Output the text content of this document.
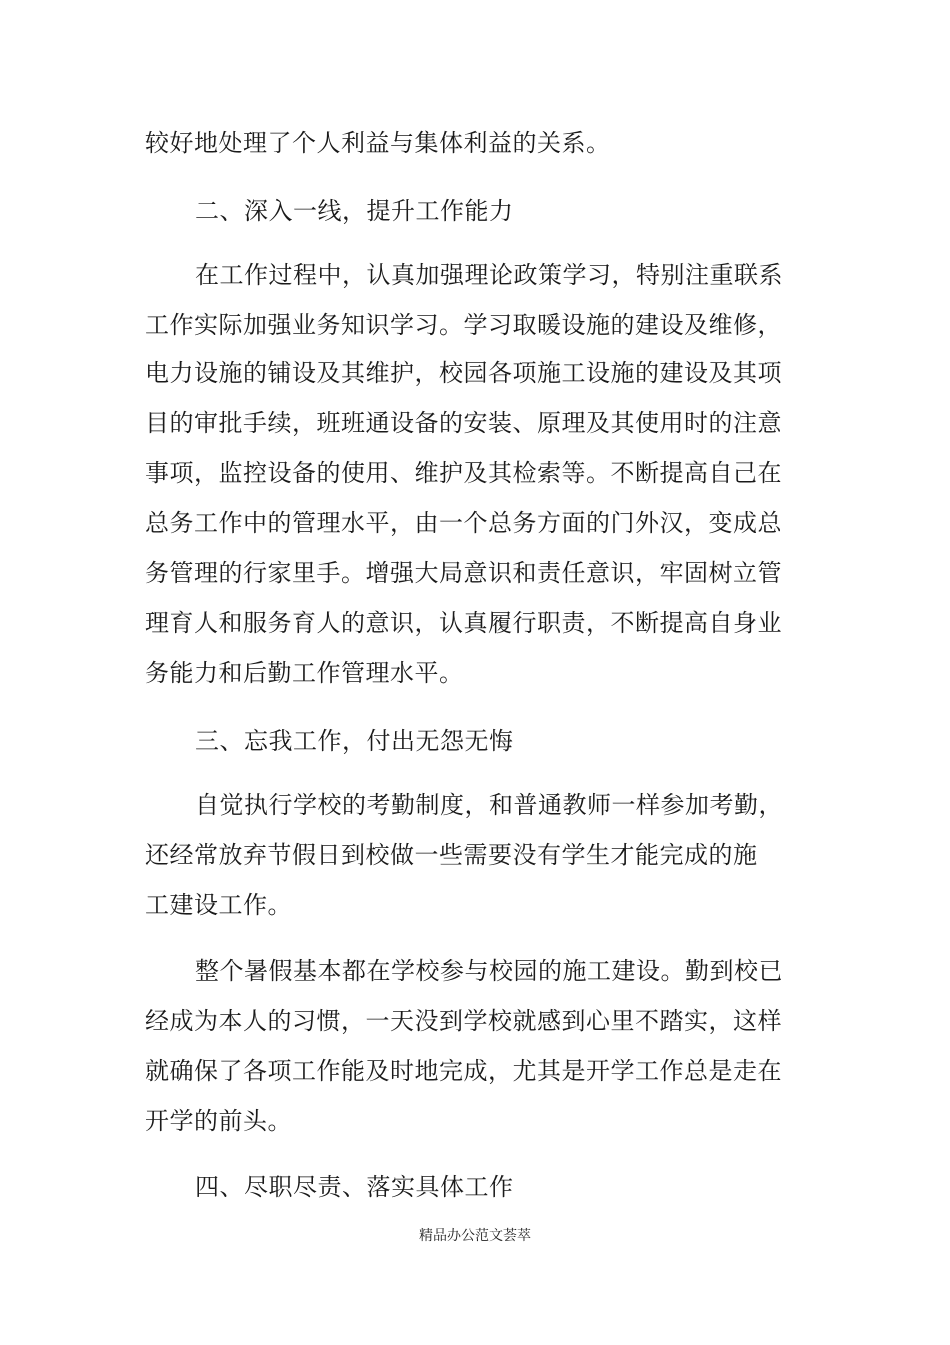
较好地处理了个人利益与集体利益的关系。
二、深入一线，提升工作能力
在工作过程中，认真加强理论政策学习，特别注重联系
工作实际加强业务知识学习。学习取暖设施的建设及维修，
电力设施的铺设及其维护，校园各项施工设施的建设及其项
目的审批手续，班班通设备的安装、原理及其使用时的注意
事项，监控设备的使用、维护及其检索等。不断提高自己在
总务工作中的管理水平，由一个总务方面的门外汉，变成总
务管理的行家里手。增强大局意识和责任意识，牢固树立管
理育人和服务育人的意识，认真履行职责，不断提高自身业
务能力和后勤工作管理水平。
三、忘我工作，付出无怨无悔
自觉执行学校的考勤制度，和普通教师一样参加考勤，
还经常放弃节假日到校做一些需要没有学生才能完成的施
工建设工作。
整个暑假基本都在学校参与校园的施工建设。勤到校已
经成为本人的习惯，一天没到学校就感到心里不踏实，这样
就确保了各项工作能及时地完成，尤其是开学工作总是走在
开学的前头。
四、尽职尽责、落实具体工作
精品办公范文荟萃
